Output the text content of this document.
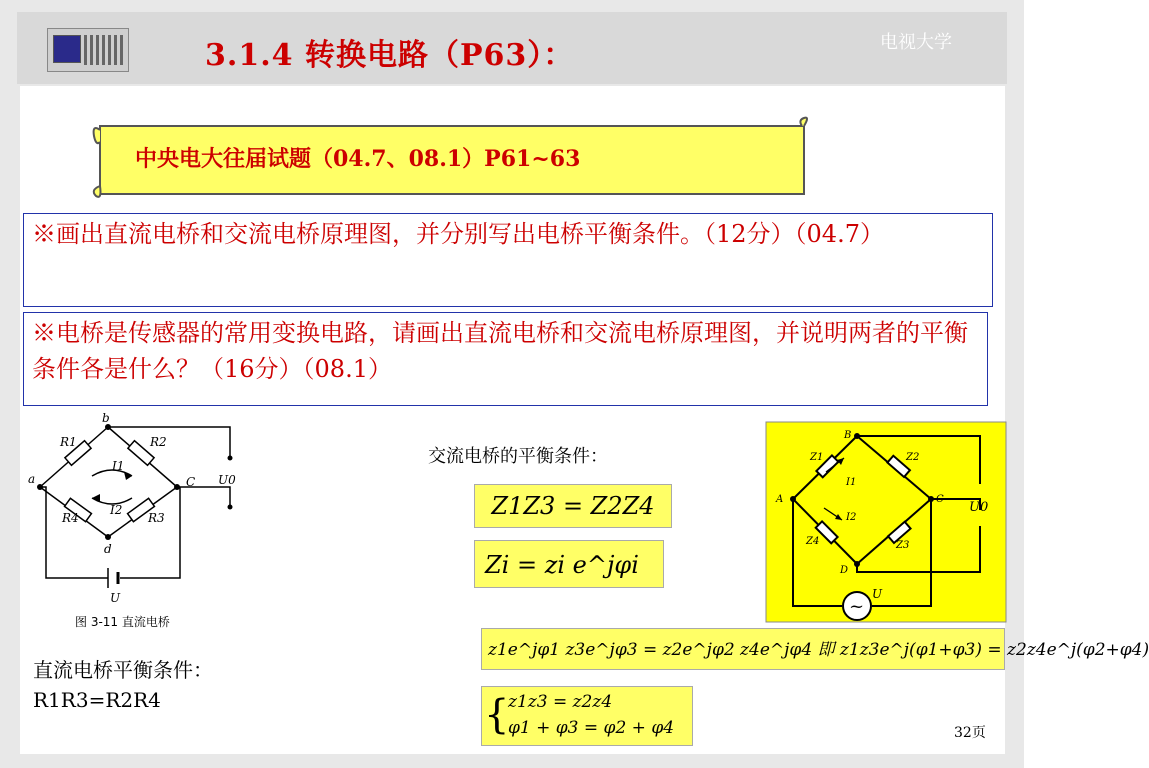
3.1.4 转换电路（P63）：	电视大学
中央电大往届试题（04.7、08.1）P61~63
※画出直流电桥和交流电桥原理图，并分别写出电桥平衡条件。（12分）（04.7）
※电桥是传感器的常用变换电路，请画出直流电桥和交流电桥原理图，并说明两者的平衡条件各是什么？（16分）（08.1）
b
a	C
d
R1	R2
R3
R4
I1
I2
U0
U
图 3-11 直流电桥
直流电桥平衡条件：
R1R3=R2R4
B
A	C
D
Z1	Z2
Z3
Z4
I1
I2
U0
U
~
交流电桥的平衡条件：
Z1Z3 = Z2Z4
Zi = zi e^jφi
z1e^jφ1 z3e^jφ3 = z2e^jφ2 z4e^jφ4 即 z1z3e^j(φ1+φ3) = z2z4e^j(φ2+φ4)
{
z1z3 = z2z4
φ1 + φ3 = φ2 + φ4	32页
